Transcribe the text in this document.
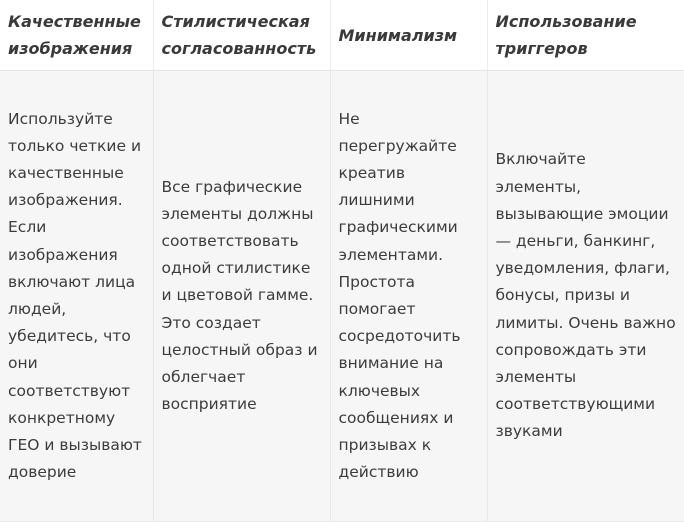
Качественные изображения	Стилистическая согласованность	Минимализм	Использование триггеров
Используйте только четкие и качественные изображения. Если изображения включают лица людей, убедитесь, что они соответствуют конкретному ГЕО и вызывают доверие	Все графические элементы должны соответствовать одной стилистике и цветовой гамме. Это создает целостный образ и облегчает восприятие	Не перегружайте креатив лишними графическими элементами. Простота помогает сосредоточить внимание на ключевых сообщениях и призывах к действию	Включайте элементы, вызывающие эмоции — деньги, банкинг, уведомления, флаги, бонусы, призы и лимиты. Очень важно сопровождать эти элементы соответствующими звуками
